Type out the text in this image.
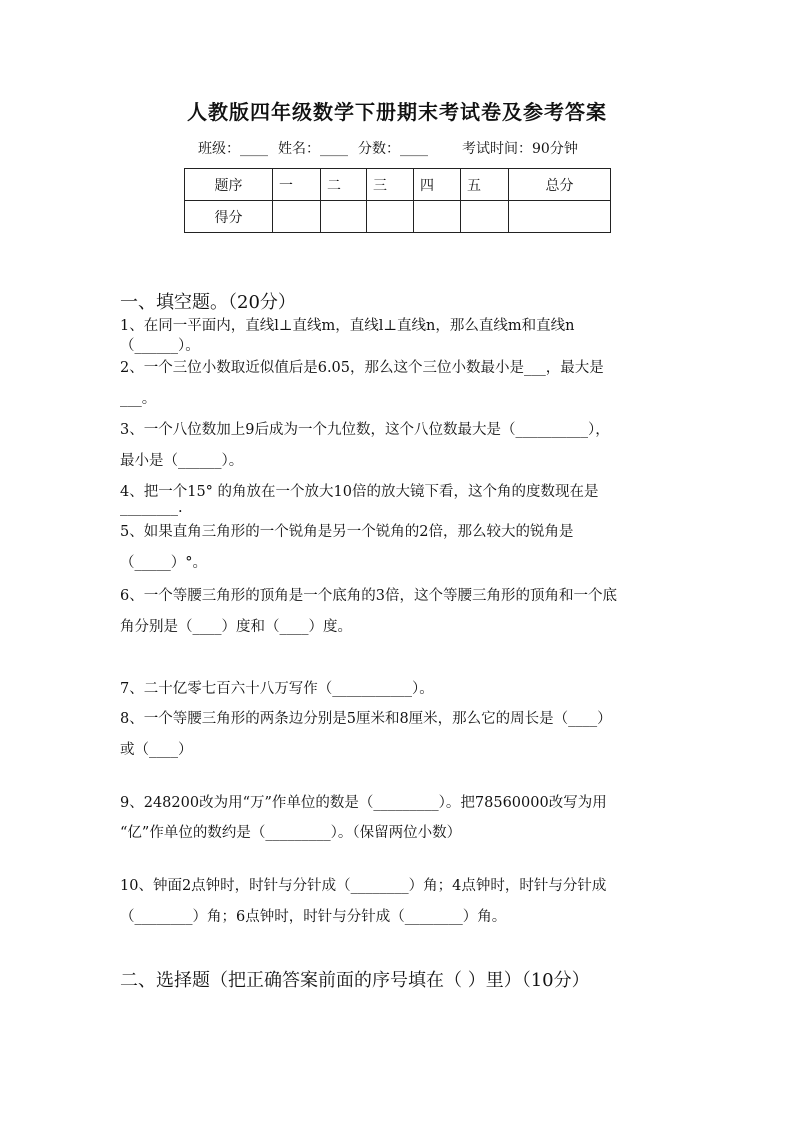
人教版四年级数学下册期末考试卷及参考答案
班级：____ 姓名：____ 分数：____ 考试时间：90分钟
题序	一	二	三	四	五	总分
得分						
一、填空题。（20分）
1、在同一平面内，直线l⊥直线m，直线l⊥直线n，那么直线m和直线n
（______）。
2、一个三位小数取近似值后是6.05，那么这个三位小数最小是___，最大是
___。
3、一个八位数加上9后成为一个九位数，这个八位数最大是（__________），
最小是（______）。
4、把一个15° 的角放在一个放大10倍的放大镜下看，这个角的度数现在是
________.
5、如果直角三角形的一个锐角是另一个锐角的2倍，那么较大的锐角是
（_____）°。
6、一个等腰三角形的顶角是一个底角的3倍，这个等腰三角形的顶角和一个底
角分别是（____）度和（____）度。
7、二十亿零七百六十八万写作（___________）。
8、一个等腰三角形的两条边分别是5厘米和8厘米，那么它的周长是（____）
或（____）
9、248200改为用“万”作单位的数是（_________）。把78560000改写为用
“亿”作单位的数约是（_________）。（保留两位小数）
10、钟面2点钟时，时针与分针成（________）角；4点钟时，时针与分针成
（________）角；6点钟时，时针与分针成（________）角。
二、选择题（把正确答案前面的序号填在（ ）里）（10分）
